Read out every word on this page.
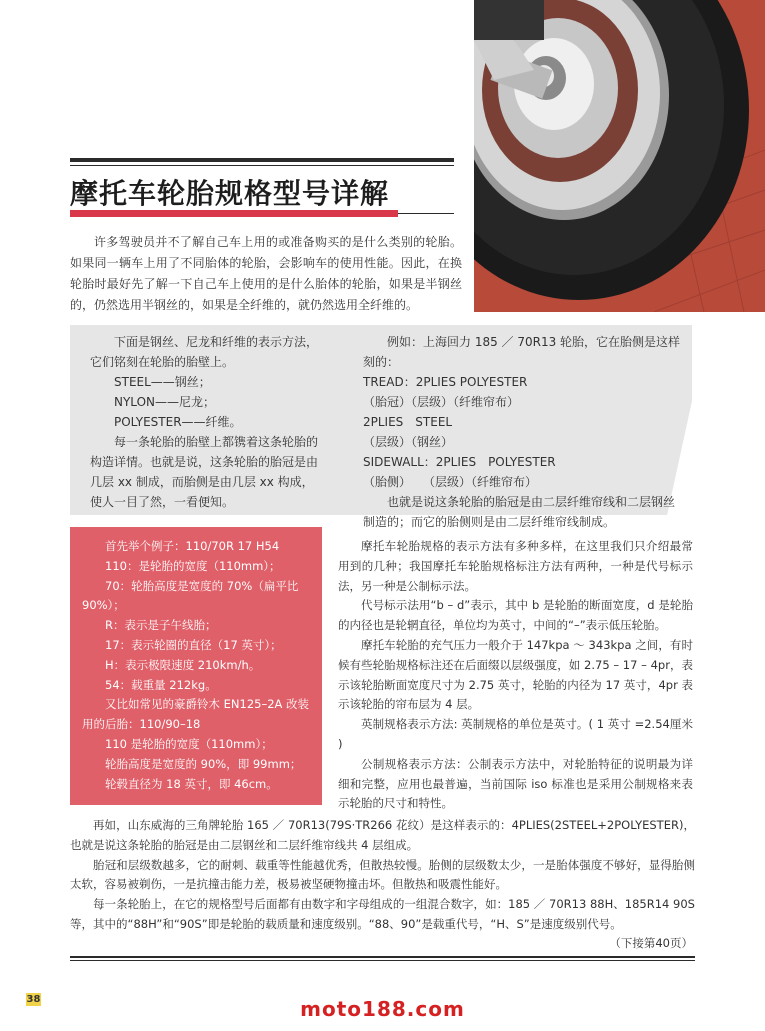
摩托车轮胎规格型号详解

许多驾驶员并不了解自己车上用的或准备购买的是什么类别的轮胎。如果同一辆车上用了不同胎体的轮胎，会影响车的使用性能。因此，在换轮胎时最好先了解一下自己车上使用的是什么胎体的轮胎，如果是半钢丝的，仍然选用半钢丝的，如果是全纤维的，就仍然选用全纤维的。

下面是钢丝、尼龙和纤维的表示方法，它们铭刻在轮胎的胎壁上。

STEEL——钢丝；

NYLON——尼龙；

POLYESTER——纤维。

每一条轮胎的胎壁上都镌着这条轮胎的构造详情。也就是说，这条轮胎的胎冠是由几层 xx 制成，而胎侧是由几层 xx 构成，使人一目了然，一看便知。

例如：上海回力 185 ／ 70R13 轮胎，它在胎侧是这样刻的：

TREAD：2PLIES POLYESTER

（胎冠）（层级）（纤维帘布）

2PLIES　STEEL

（层级）（钢丝）

SIDEWALL：2PLIES　POLYESTER

（胎侧）　　（层级）（纤维帘布）

也就是说这条轮胎的胎冠是由二层纤维帘线和二层钢丝制造的；而它的胎侧则是由二层纤维帘线制成。

首先举个例子：110/70R 17 H54

110：是轮胎的宽度（110mm）；

70：轮胎高度是宽度的 70%（扁平比 90%）；

R：表示是子午线胎；

17：表示轮圈的直径（17 英寸）；

H：表示极限速度 210km/h。

54：载重量 212kg。

又比如常见的豪爵铃木 EN125–2A 改装用的后胎：110/90–18

110 是轮胎的宽度（110mm）；

轮胎高度是宽度的 90%，即 99mm；

轮毂直径为 18 英寸，即 46cm。

摩托车轮胎规格的表示方法有多种多样，在这里我们只介绍最常用到的几种；我国摩托车轮胎规格标注方法有两种，一种是代号标示法，另一种是公制标示法。

代号标示法用“b – d”表示，其中 b 是轮胎的断面宽度，d 是轮胎的内径也是轮辋直径，单位均为英寸，中间的“–”表示低压轮胎。

摩托车轮胎的充气压力一般介于 147kpa ～ 343kpa 之间，有时候有些轮胎规格标注还在后面缀以层级强度，如 2.75 – 17 – 4pr，表示该轮胎断面宽度尺寸为 2.75 英寸，轮胎的内径为 17 英寸，4pr 表示该轮胎的帘布层为 4 层。

英制规格表示方法: 英制规格的单位是英寸。( 1 英寸 =2.54厘米 )

公制规格表示方法：公制表示方法中，对轮胎特征的说明最为详细和完整，应用也最普遍，当前国际 iso 标准也是采用公制规格来表示轮胎的尺寸和特性。

再如，山东威海的三角牌轮胎 165 ／ 70R13(79S·TR266 花纹）是这样表示的：4PLIES(2STEEL+2POLYESTER)，也就是说这条轮胎的胎冠是由二层钢丝和二层纤维帘线共 4 层组成。

胎冠和层级数越多，它的耐刺、载重等性能越优秀，但散热较慢。胎侧的层级数太少，一是胎体强度不够好，显得胎侧太软，容易被剃伤，一是抗撞击能力差，极易被坚硬物撞击坏。但散热和吸震性能好。

每一条轮胎上，在它的规格型号后面都有由数字和字母组成的一组混合数字，如：185 ／ 70R13 88H、185R14 90S 等，其中的“88H”和“90S”即是轮胎的载质量和速度级别。“88、90”是载重代号，“H、S”是速度级别代号。

（下接第40页）
38	moto188.com
